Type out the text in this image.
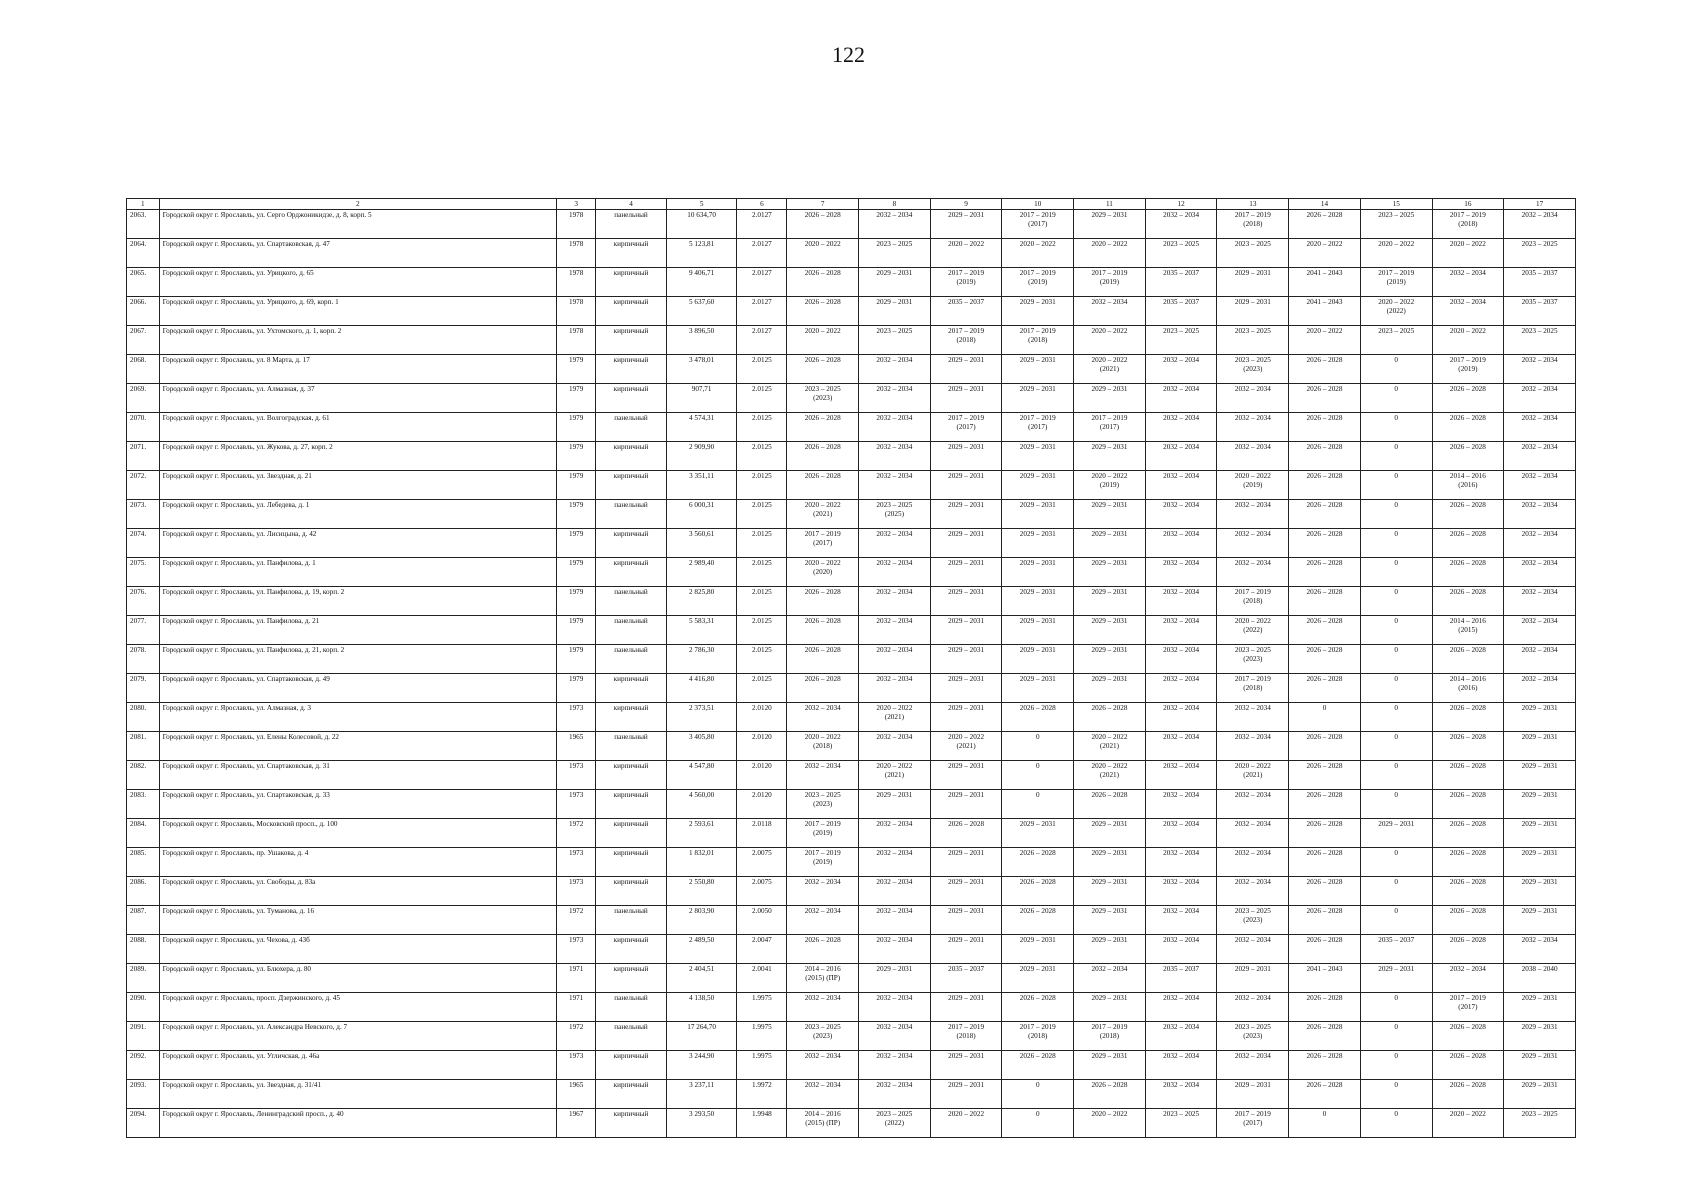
122
1	2	3	4	5	6	7	8	9	10	11	12	13	14	15	16	17

2063.	Городской округ г. Ярославль, ул. Серго Орджоникидзе, д. 8, корп. 5	1978	панельный	10 634,70	2.0127	2026 – 2028	2032 – 2034	2029 – 2031	2017 – 2019
(2017)	2029 – 2031	2032 – 2034	2017 – 2019
(2018)	2026 – 2028	2023 – 2025	2017 – 2019
(2018)	2032 – 2034

2064.	Городской округ г. Ярославль, ул. Спартаковская, д. 47	1978	кирпичный	5 123,81	2.0127	2020 – 2022	2023 – 2025	2020 – 2022	2020 – 2022	2020 – 2022	2023 – 2025	2023 – 2025	2020 – 2022	2020 – 2022	2020 – 2022	2023 – 2025

2065.	Городской округ г. Ярославль, ул. Урицкого, д. 65	1978	кирпичный	9 406,71	2.0127	2026 – 2028	2029 – 2031	2017 – 2019
(2019)	2017 – 2019
(2019)	2017 – 2019
(2019)	2035 – 2037	2029 – 2031	2041 – 2043	2017 – 2019
(2019)	2032 – 2034	2035 – 2037

2066.	Городской округ г. Ярославль, ул. Урицкого, д. 69, корп. 1	1978	кирпичный	5 637,60	2.0127	2026 – 2028	2029 – 2031	2035 – 2037	2029 – 2031	2032 – 2034	2035 – 2037	2029 – 2031	2041 – 2043	2020 – 2022
(2022)	2032 – 2034	2035 – 2037

2067.	Городской округ г. Ярославль, ул. Ухтомского, д. 1, корп. 2	1978	кирпичный	3 896,50	2.0127	2020 – 2022	2023 – 2025	2017 – 2019
(2018)	2017 – 2019
(2018)	2020 – 2022	2023 – 2025	2023 – 2025	2020 – 2022	2023 – 2025	2020 – 2022	2023 – 2025

2068.	Городской округ г. Ярославль, ул. 8 Марта, д. 17	1979	кирпичный	3 478,01	2.0125	2026 – 2028	2032 – 2034	2029 – 2031	2029 – 2031	2020 – 2022
(2021)	2032 – 2034	2023 – 2025
(2023)	2026 – 2028	0	2017 – 2019
(2019)	2032 – 2034

2069.	Городской округ г. Ярославль, ул. Алмазная, д. 37	1979	кирпичный	907,71	2.0125	2023 – 2025
(2023)	2032 – 2034	2029 – 2031	2029 – 2031	2029 – 2031	2032 – 2034	2032 – 2034	2026 – 2028	0	2026 – 2028	2032 – 2034

2070.	Городской округ г. Ярославль, ул. Волгоградская, д. 61	1979	панельный	4 574,31	2.0125	2026 – 2028	2032 – 2034	2017 – 2019
(2017)	2017 – 2019
(2017)	2017 – 2019
(2017)	2032 – 2034	2032 – 2034	2026 – 2028	0	2026 – 2028	2032 – 2034

2071.	Городской округ г. Ярославль, ул. Жукова, д. 27, корп. 2	1979	кирпичный	2 909,90	2.0125	2026 – 2028	2032 – 2034	2029 – 2031	2029 – 2031	2029 – 2031	2032 – 2034	2032 – 2034	2026 – 2028	0	2026 – 2028	2032 – 2034

2072.	Городской округ г. Ярославль, ул. Звездная, д. 21	1979	кирпичный	3 351,11	2.0125	2026 – 2028	2032 – 2034	2029 – 2031	2029 – 2031	2020 – 2022
(2019)	2032 – 2034	2020 – 2022
(2019)	2026 – 2028	0	2014 – 2016
(2016)	2032 – 2034

2073.	Городской округ г. Ярославль, ул. Лебедева, д. 1	1979	панельный	6 000,31	2.0125	2020 – 2022
(2021)	2023 – 2025
(2025)	2029 – 2031	2029 – 2031	2029 – 2031	2032 – 2034	2032 – 2034	2026 – 2028	0	2026 – 2028	2032 – 2034

2074.	Городской округ г. Ярославль, ул. Лисицына, д. 42	1979	кирпичный	3 560,61	2.0125	2017 – 2019
(2017)	2032 – 2034	2029 – 2031	2029 – 2031	2029 – 2031	2032 – 2034	2032 – 2034	2026 – 2028	0	2026 – 2028	2032 – 2034

2075.	Городской округ г. Ярославль, ул. Панфилова, д. 1	1979	кирпичный	2 989,40	2.0125	2020 – 2022
(2020)	2032 – 2034	2029 – 2031	2029 – 2031	2029 – 2031	2032 – 2034	2032 – 2034	2026 – 2028	0	2026 – 2028	2032 – 2034

2076.	Городской округ г. Ярославль, ул. Панфилова, д. 19, корп. 2	1979	панельный	2 825,80	2.0125	2026 – 2028	2032 – 2034	2029 – 2031	2029 – 2031	2029 – 2031	2032 – 2034	2017 – 2019
(2018)	2026 – 2028	0	2026 – 2028	2032 – 2034

2077.	Городской округ г. Ярославль, ул. Панфилова, д. 21	1979	панельный	5 583,31	2.0125	2026 – 2028	2032 – 2034	2029 – 2031	2029 – 2031	2029 – 2031	2032 – 2034	2020 – 2022
(2022)	2026 – 2028	0	2014 – 2016
(2015)	2032 – 2034

2078.	Городской округ г. Ярославль, ул. Панфилова, д. 21, корп. 2	1979	панельный	2 786,30	2.0125	2026 – 2028	2032 – 2034	2029 – 2031	2029 – 2031	2029 – 2031	2032 – 2034	2023 – 2025
(2023)	2026 – 2028	0	2026 – 2028	2032 – 2034

2079.	Городской округ г. Ярославль, ул. Спартаковская, д. 49	1979	кирпичный	4 416,80	2.0125	2026 – 2028	2032 – 2034	2029 – 2031	2029 – 2031	2029 – 2031	2032 – 2034	2017 – 2019
(2018)	2026 – 2028	0	2014 – 2016
(2016)	2032 – 2034

2080.	Городской округ г. Ярославль, ул. Алмазная, д. 3	1973	кирпичный	2 373,51	2.0120	2032 – 2034	2020 – 2022
(2021)	2029 – 2031	2026 – 2028	2026 – 2028	2032 – 2034	2032 – 2034	0	0	2026 – 2028	2029 – 2031

2081.	Городской округ г. Ярославль, ул. Елены Колесовой, д. 22	1965	панельный	3 405,80	2.0120	2020 – 2022
(2018)	2032 – 2034	2020 – 2022
(2021)	0	2020 – 2022
(2021)	2032 – 2034	2032 – 2034	2026 – 2028	0	2026 – 2028	2029 – 2031

2082.	Городской округ г. Ярославль, ул. Спартаковская, д. 31	1973	кирпичный	4 547,80	2.0120	2032 – 2034	2020 – 2022
(2021)	2029 – 2031	0	2020 – 2022
(2021)	2032 – 2034	2020 – 2022
(2021)	2026 – 2028	0	2026 – 2028	2029 – 2031

2083.	Городской округ г. Ярославль, ул. Спартаковская, д. 33	1973	кирпичный	4 560,00	2.0120	2023 – 2025
(2023)	2029 – 2031	2029 – 2031	0	2026 – 2028	2032 – 2034	2032 – 2034	2026 – 2028	0	2026 – 2028	2029 – 2031

2084.	Городской округ г. Ярославль, Московский просп., д. 100	1972	кирпичный	2 593,61	2.0118	2017 – 2019
(2019)	2032 – 2034	2026 – 2028	2029 – 2031	2029 – 2031	2032 – 2034	2032 – 2034	2026 – 2028	2029 – 2031	2026 – 2028	2029 – 2031

2085.	Городской округ г. Ярославль, пр. Ушакова, д. 4	1973	кирпичный	1 832,01	2.0075	2017 – 2019
(2019)	2032 – 2034	2029 – 2031	2026 – 2028	2029 – 2031	2032 – 2034	2032 – 2034	2026 – 2028	0	2026 – 2028	2029 – 2031

2086.	Городской округ г. Ярославль, ул. Свободы, д. 83а	1973	кирпичный	2 550,80	2.0075	2032 – 2034	2032 – 2034	2029 – 2031	2026 – 2028	2029 – 2031	2032 – 2034	2032 – 2034	2026 – 2028	0	2026 – 2028	2029 – 2031

2087.	Городской округ г. Ярославль, ул. Туманова, д. 16	1972	панельный	2 803,90	2.0050	2032 – 2034	2032 – 2034	2029 – 2031	2026 – 2028	2029 – 2031	2032 – 2034	2023 – 2025
(2023)	2026 – 2028	0	2026 – 2028	2029 – 2031

2088.	Городской округ г. Ярославль, ул. Чехова, д. 43б	1973	кирпичный	2 489,50	2.0047	2026 – 2028	2032 – 2034	2029 – 2031	2029 – 2031	2029 – 2031	2032 – 2034	2032 – 2034	2026 – 2028	2035 – 2037	2026 – 2028	2032 – 2034

2089.	Городской округ г. Ярославль, ул. Блюхера, д. 80	1971	кирпичный	2 404,51	2.0041	2014 – 2016
(2015) (ПР)	2029 – 2031	2035 – 2037	2029 – 2031	2032 – 2034	2035 – 2037	2029 – 2031	2041 – 2043	2029 – 2031	2032 – 2034	2038 – 2040

2090.	Городской округ г. Ярославль, просп. Дзержинского, д. 45	1971	панельный	4 138,50	1.9975	2032 – 2034	2032 – 2034	2029 – 2031	2026 – 2028	2029 – 2031	2032 – 2034	2032 – 2034	2026 – 2028	0	2017 – 2019
(2017)	2029 – 2031

2091.	Городской округ г. Ярославль, ул. Александра Невского, д. 7	1972	панельный	17 264,70	1.9975	2023 – 2025
(2023)	2032 – 2034	2017 – 2019
(2018)	2017 – 2019
(2018)	2017 – 2019
(2018)	2032 – 2034	2023 – 2025
(2023)	2026 – 2028	0	2026 – 2028	2029 – 2031

2092.	Городской округ г. Ярославль, ул. Угличская, д. 46а	1973	кирпичный	3 244,90	1.9975	2032 – 2034	2032 – 2034	2029 – 2031	2026 – 2028	2029 – 2031	2032 – 2034	2032 – 2034	2026 – 2028	0	2026 – 2028	2029 – 2031

2093.	Городской округ г. Ярославль, ул. Звездная, д. 31/41	1965	кирпичный	3 237,11	1.9972	2032 – 2034	2032 – 2034	2029 – 2031	0	2026 – 2028	2032 – 2034	2029 – 2031	2026 – 2028	0	2026 – 2028	2029 – 2031

2094.	Городской округ г. Ярославль, Ленинградский просп., д. 40	1967	кирпичный	3 293,50	1.9948	2014 – 2016
(2015) (ПР)	2023 – 2025
(2022)	2020 – 2022	0	2020 – 2022	2023 – 2025	2017 – 2019
(2017)	0	0	2020 – 2022	2023 – 2025
